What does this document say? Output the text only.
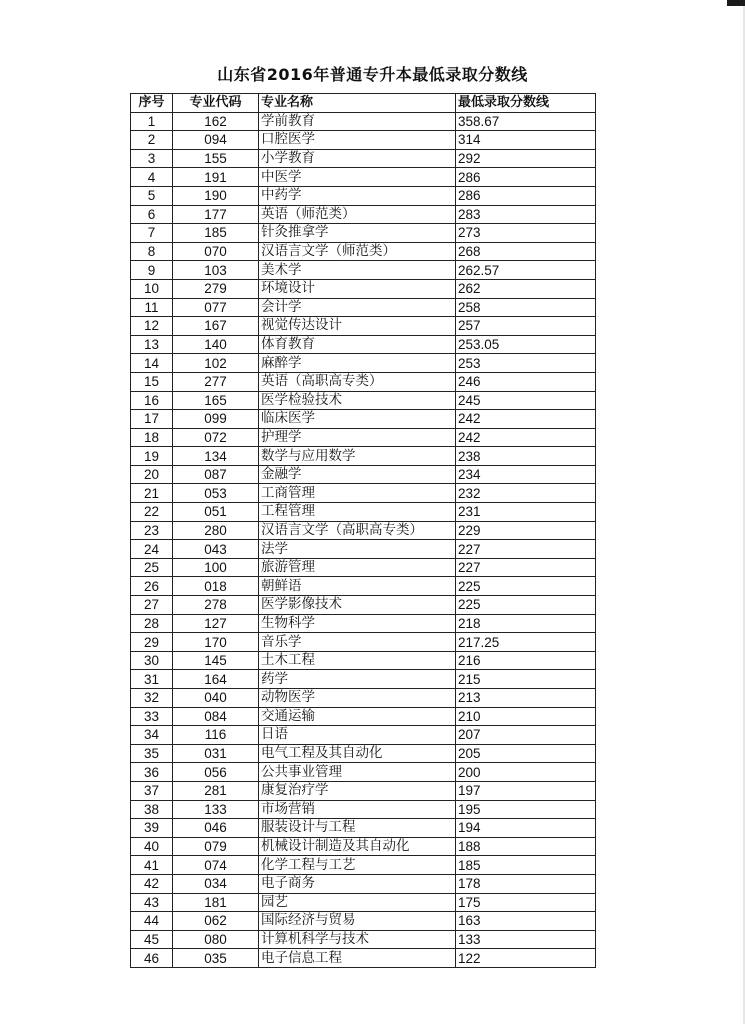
山东省2016年普通专升本最低录取分数线
序号	专业代码	专业名称	最低录取分数线
1	162	学前教育	358.67
2	094	口腔医学	314
3	155	小学教育	292
4	191	中医学	286
5	190	中药学	286
6	177	英语（师范类）	283
7	185	针灸推拿学	273
8	070	汉语言文学（师范类）	268
9	103	美术学	262.57
10	279	环境设计	262
11	077	会计学	258
12	167	视觉传达设计	257
13	140	体育教育	253.05
14	102	麻醉学	253
15	277	英语（高职高专类）	246
16	165	医学检验技术	245
17	099	临床医学	242
18	072	护理学	242
19	134	数学与应用数学	238
20	087	金融学	234
21	053	工商管理	232
22	051	工程管理	231
23	280	汉语言文学（高职高专类）	229
24	043	法学	227
25	100	旅游管理	227
26	018	朝鲜语	225
27	278	医学影像技术	225
28	127	生物科学	218
29	170	音乐学	217.25
30	145	土木工程	216
31	164	药学	215
32	040	动物医学	213
33	084	交通运输	210
34	116	日语	207
35	031	电气工程及其自动化	205
36	056	公共事业管理	200
37	281	康复治疗学	197
38	133	市场营销	195
39	046	服装设计与工程	194
40	079	机械设计制造及其自动化	188
41	074	化学工程与工艺	185
42	034	电子商务	178
43	181	园艺	175
44	062	国际经济与贸易	163
45	080	计算机科学与技术	133
46	035	电子信息工程	122
